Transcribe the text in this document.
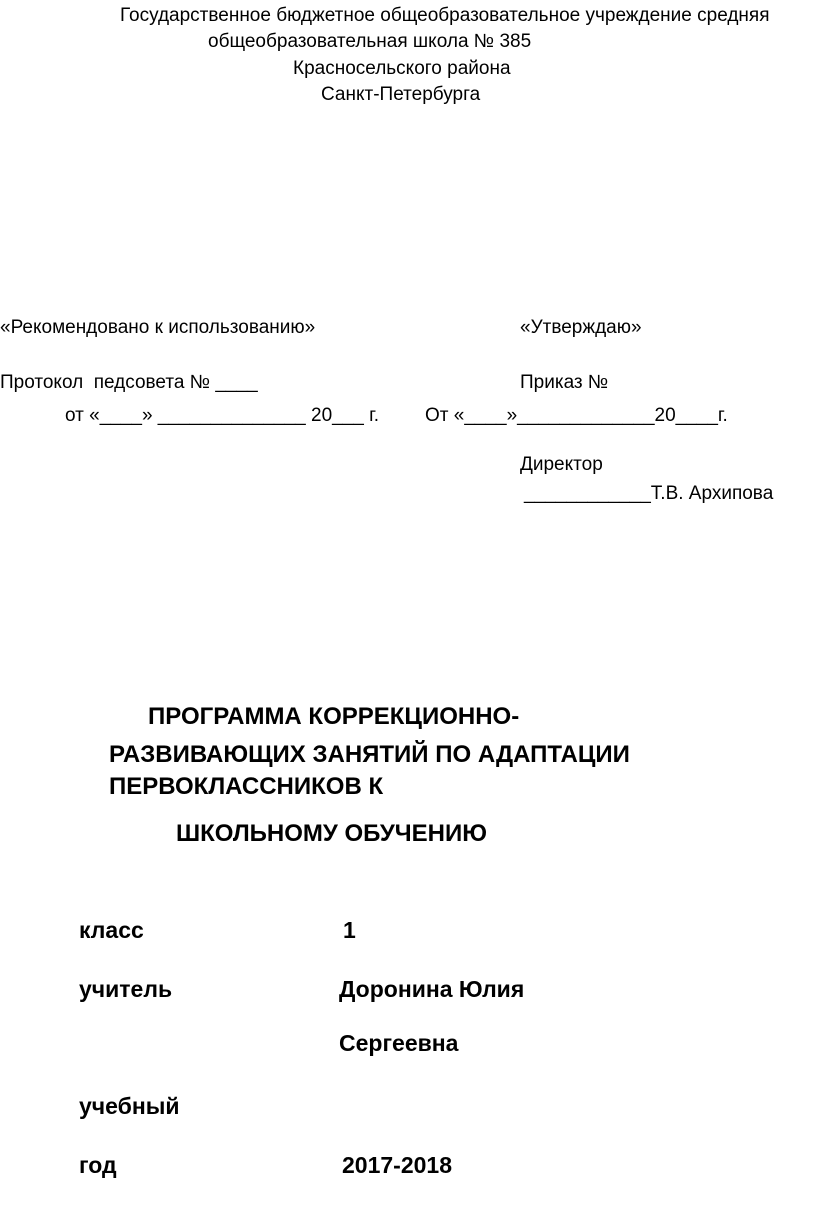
Государственное бюджетное общеобразовательное учреждение средняя
общеобразовательная школа № 385
Красносельского района
Санкт-Петербурга
«Рекомендовано к использованию»
Протокол  педсовета № ____
от «____» ______________ 20___ г.
«Утверждаю»
Приказ №
От «____»_____________20____г.
Директор
____________Т.В. Архипова
ПРОГРАММА КОРРЕКЦИОННО-
РАЗВИВАЮЩИХ ЗАНЯТИЙ ПО АДАПТАЦИИ
ПЕРВОКЛАССНИКОВ К
ШКОЛЬНОМУ ОБУЧЕНИЮ
класс	1
учитель	Доронина Юлия
Сергеевна
учебный
год	2017-2018
